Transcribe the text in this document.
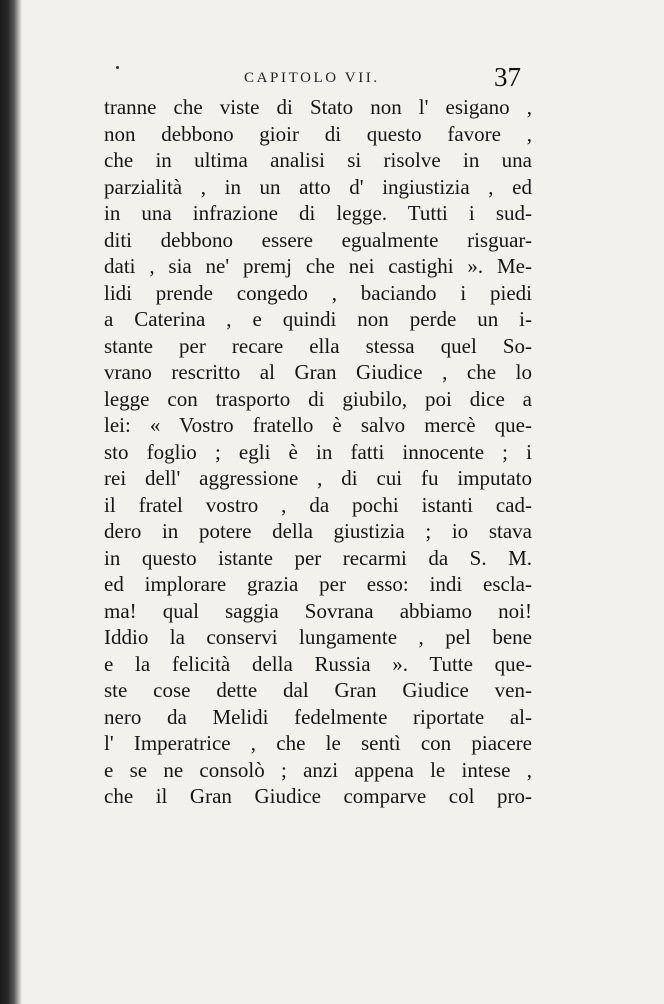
CAPITOLO VII.	37
tranne che viste di Stato non l' esigano ,
non debbono gioir di questo favore ,
che in ultima analisi si risolve in una
parzialità , in un atto d' ingiustizia , ed
in una infrazione di legge. Tutti i sud-
diti debbono essere egualmente risguar-
dati , sia ne' premj che nei castighi ». Me-
lidi prende congedo , baciando i piedi
a Caterina , e quindi non perde un i-
stante per recare ella stessa quel So-
vrano rescritto al Gran Giudice , che lo
legge con trasporto di giubilo, poi dice a
lei: « Vostro fratello è salvo mercè que-
sto foglio ; egli è in fatti innocente ; i
rei dell' aggressione , di cui fu imputato
il fratel vostro , da pochi istanti cad-
dero in potere della giustizia ; io stava
in questo istante per recarmi da S. M.
ed implorare grazia per esso: indi escla-
ma! qual saggia Sovrana abbiamo noi!
Iddio la conservi lungamente , pel bene
e la felicità della Russia ». Tutte que-
ste cose dette dal Gran Giudice ven-
nero da Melidi fedelmente riportate al-
l' Imperatrice , che le sentì con piacere
e se ne consolò ; anzi appena le intese ,
che il Gran Giudice comparve col pro-
